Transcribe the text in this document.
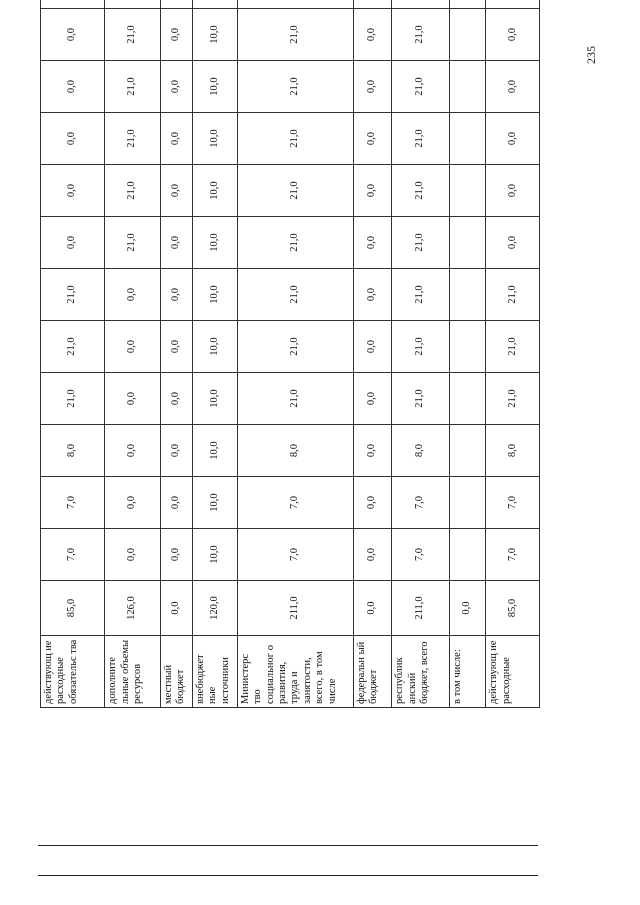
235
действующ ие расходные обязательс тва	85,0	7,0	7,0	8,0	21,0	21,0	21,0	0,0	0,0	0,0	0,0	0,0	
дополните льные объемы ресурсов	126,0	0,0	0,0	0,0	0,0	0,0	0,0	21,0	21,0	21,0	21,0	21,0	
местный бюджет	0,0	0,0	0,0	0,0	0,0	0,0	0,0	0,0	0,0	0,0	0,0	0,0	
внебюджет ные источники	120,0	10,0	10,0	10,0	10,0	10,0	10,0	10,0	10,0	10,0	10,0	10,0	
Министерс тво социальног о развития, труда и занятости, всего, в том числе	211,0	7,0	7,0	8,0	21,0	21,0	21,0	21,0	21,0	21,0	21,0	21,0	
федеральн ый бюджет	0,0	0,0	0,0	0,0	0,0	0,0	0,0	0,0	0,0	0,0	0,0	0,0	
республик анский бюджет, всего	211,0	7,0	7,0	8,0	21,0	21,0	21,0	21,0	21,0	21,0	21,0	21,0	
в том числе:	0,0												
действующ ие расходные	85,0	7,0	7,0	8,0	21,0	21,0	21,0	0,0	0,0	0,0	0,0	0,0	
